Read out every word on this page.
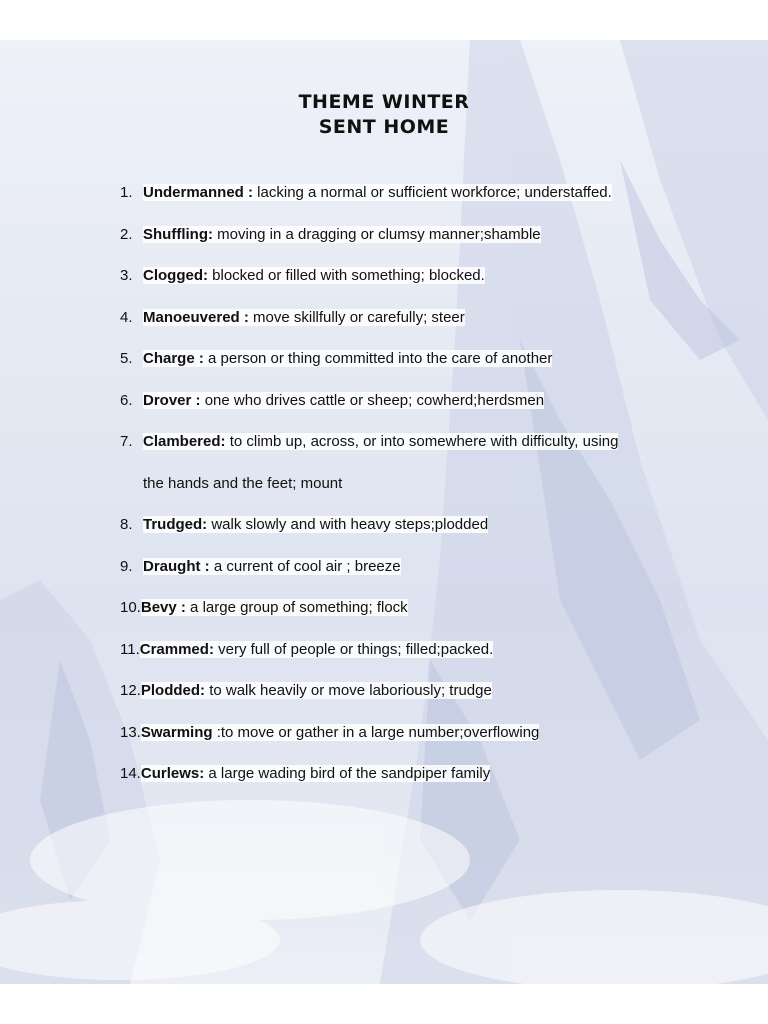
THEME WINTER
SENT HOME
1. Undermanned : lacking a normal or sufficient workforce; understaffed.
2. Shuffling: moving in a dragging or clumsy manner;shamble
3. Clogged: blocked or filled with something; blocked.
4. Manoeuvered : move skillfully or carefully; steer
5. Charge : a person or thing committed into the care of another
6. Drover : one who drives cattle or sheep; cowherd;herdsmen
7. Clambered: to climb up, across, or into somewhere with difficulty, using
the hands and the feet; mount
8. Trudged: walk slowly and with heavy steps;plodded
9. Draught : a current of cool air ; breeze
10.Bevy : a large group of something; flock
11.Crammed: very full of people or things; filled;packed.
12.Plodded: to walk heavily or move laboriously; trudge
13.Swarming :to move or gather in a large number;overflowing
14.Curlews: a large wading bird of the sandpiper family
